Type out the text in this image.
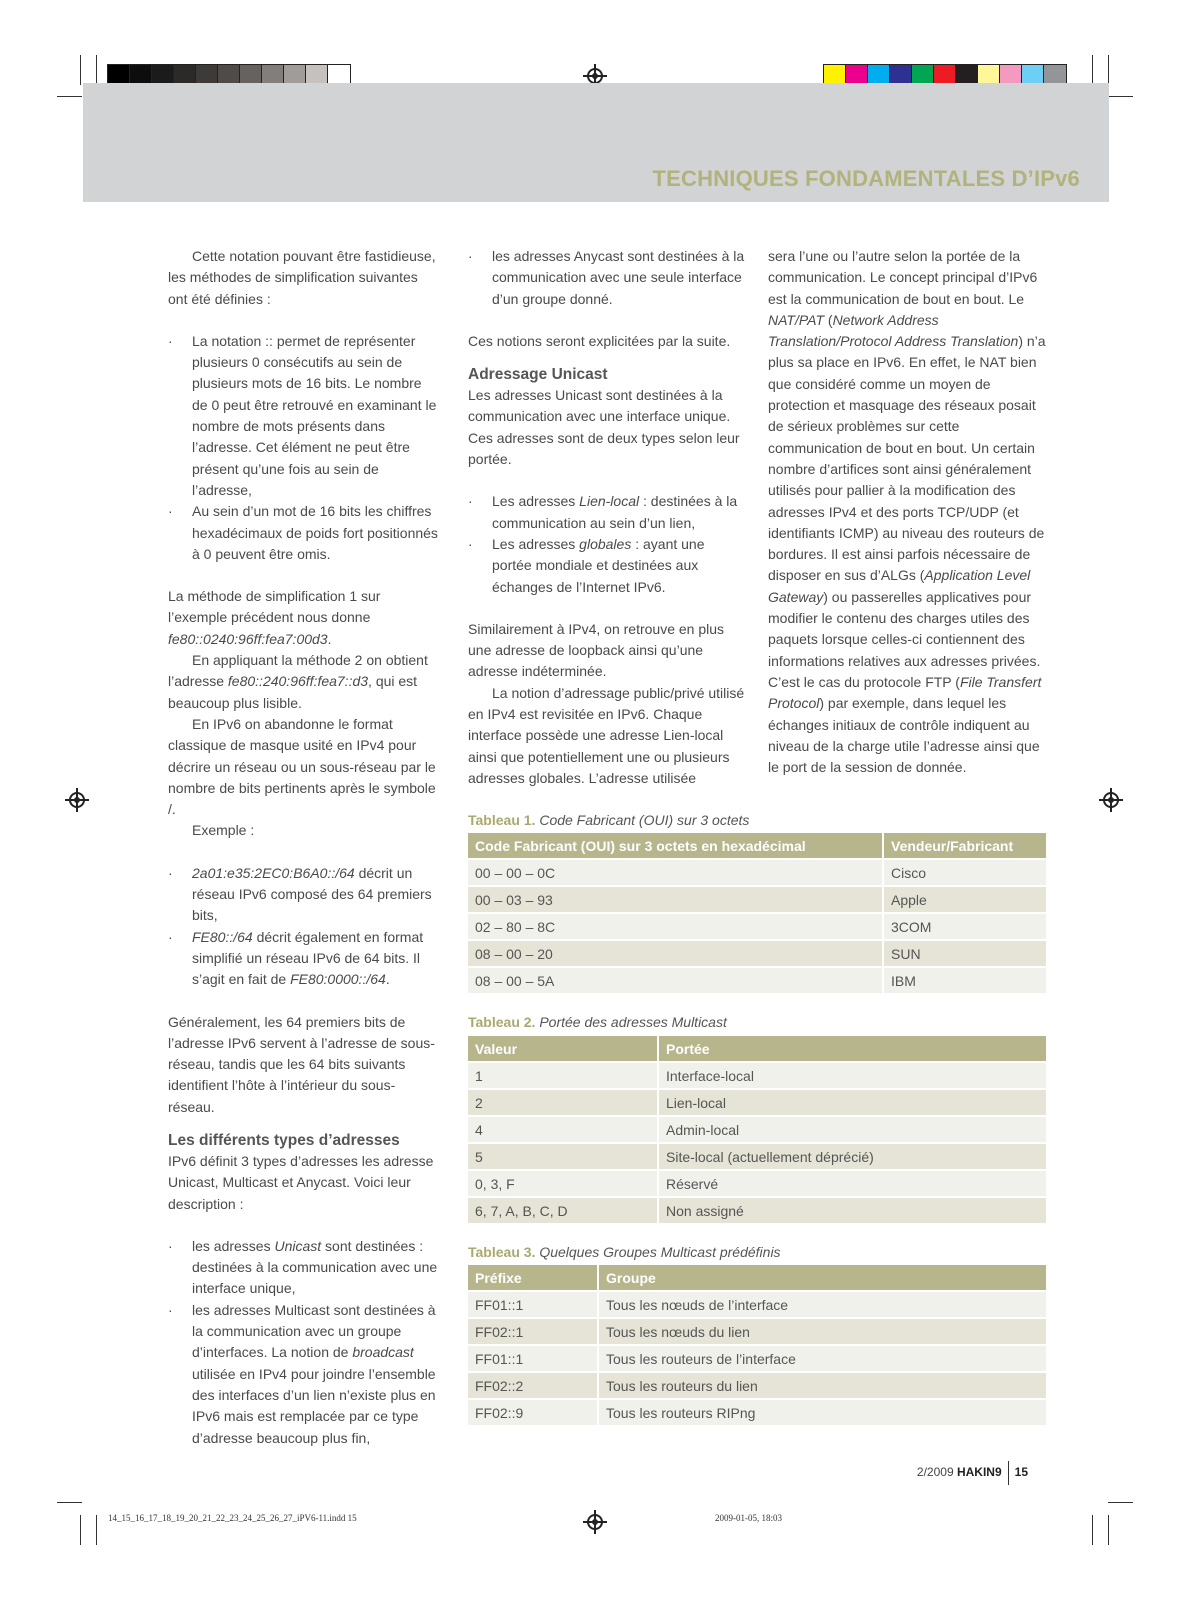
TECHNIQUES FONDAMENTALES D’IPv6

Cette notation pouvant être fastidieuse, les méthodes de simplification suivantes ont été définies :

· La notation :: permet de représenter plusieurs 0 consécutifs au sein de plusieurs mots de 16 bits. Le nombre de 0 peut être retrouvé en examinant le nombre de mots présents dans l’adresse. Cet élément ne peut être présent qu’une fois au sein de l’adresse,
· Au sein d’un mot de 16 bits les chiffres hexadécimaux de poids fort positionnés à 0 peuvent être omis.

La méthode de simplification 1 sur l’exemple précédent nous donne fe80::0240:96ff:fea7:00d3.

En appliquant la méthode 2 on obtient l’adresse fe80::240:96ff:fea7::d3, qui est beaucoup plus lisible.

En IPv6 on abandonne le format classique de masque usité en IPv4 pour décrire un réseau ou un sous-réseau par le nombre de bits pertinents après le symbole /.

Exemple :

· 2a01:e35:2EC0:B6A0::/64 décrit un réseau IPv6 composé des 64 premiers bits,
· FE80::/64 décrit également en format simplifié un réseau IPv6 de 64 bits. Il s’agit en fait de FE80:0000::/64.

Généralement, les 64 premiers bits de l’adresse IPv6 servent à l’adresse de sous-réseau, tandis que les 64 bits suivants identifient l’hôte à l’intérieur du sous-réseau.

Les différents types d’adresses

IPv6 définit 3 types d’adresses les adresse Unicast, Multicast et Anycast. Voici leur description :

· les adresses Unicast sont destinées : destinées à la communication avec une interface unique,
· les adresses Multicast sont destinées à la communication avec un groupe d’interfaces. La notion de broadcast utilisée en IPv4 pour joindre l’ensemble des interfaces d’un lien n’existe plus en IPv6 mais est remplacée par ce type d’adresse beaucoup plus fin,
· les adresses Anycast sont destinées à la communication avec une seule interface d’un groupe donné.

Ces notions seront explicitées par la suite.

Adressage Unicast

Les adresses Unicast sont destinées à la communication avec une interface unique. Ces adresses sont de deux types selon leur portée.

· Les adresses Lien-local : destinées à la communication au sein d’un lien,
· Les adresses globales : ayant une portée mondiale et destinées aux échanges de l’Internet IPv6.

Similairement à IPv4, on retrouve en plus une adresse de loopback ainsi qu’une adresse indéterminée.

La notion d’adressage public/privé utilisé en IPv4 est revisitée en IPv6. Chaque interface possède une adresse Lien-local ainsi que potentiellement une ou plusieurs adresses globales. L’adresse utilisée

sera l’une ou l’autre selon la portée de la communication. Le concept principal d’IPv6 est la communication de bout en bout. Le NAT/PAT (Network Address Translation/Protocol Address Translation) n’a plus sa place en IPv6. En effet, le NAT bien que considéré comme un moyen de protection et masquage des réseaux posait de sérieux problèmes sur cette communication de bout en bout. Un certain nombre d’artifices sont ainsi généralement utilisés pour pallier à la modification des adresses IPv4 et des ports TCP/UDP (et identifiants ICMP) au niveau des routeurs de bordures. Il est ainsi parfois nécessaire de disposer en sus d’ALGs (Application Level Gateway) ou passerelles applicatives pour modifier le contenu des charges utiles des paquets lorsque celles-ci contiennent des informations relatives aux adresses privées. C’est le cas du protocole FTP (File Transfert Protocol) par exemple, dans lequel les échanges initiaux de contrôle indiquent au niveau de la charge utile l’adresse ainsi que le port de la session de donnée.

Tableau 1. Code Fabricant (OUI) sur 3 octets
Code Fabricant (OUI) sur 3 octets en hexadécimal	Vendeur/Fabricant
00 – 00 – 0C	Cisco
00 – 03 – 93	Apple
02 – 80 – 8C	3COM
08 – 00 – 20	SUN
08 – 00 – 5A	IBM
Tableau 2. Portée des adresses Multicast
Valeur	Portée
1	Interface-local
2	Lien-local
4	Admin-local
5	Site-local (actuellement déprécié)
0, 3, F	Réservé
6, 7, A, B, C, D	Non assigné
Tableau 3. Quelques Groupes Multicast prédéfinis
Préfixe	Groupe
FF01::1	Tous les nœuds de l’interface
FF02::1	Tous les nœuds du lien
FF01::1	Tous les routeurs de l’interface
FF02::2	Tous les routeurs du lien
FF02::9	Tous les routeurs RIPng
2/2009 HAKIN9 15
14_15_16_17_18_19_20_21_22_23_24_25_26_27_iPV6-11.indd 15	2009-01-05, 18:03
